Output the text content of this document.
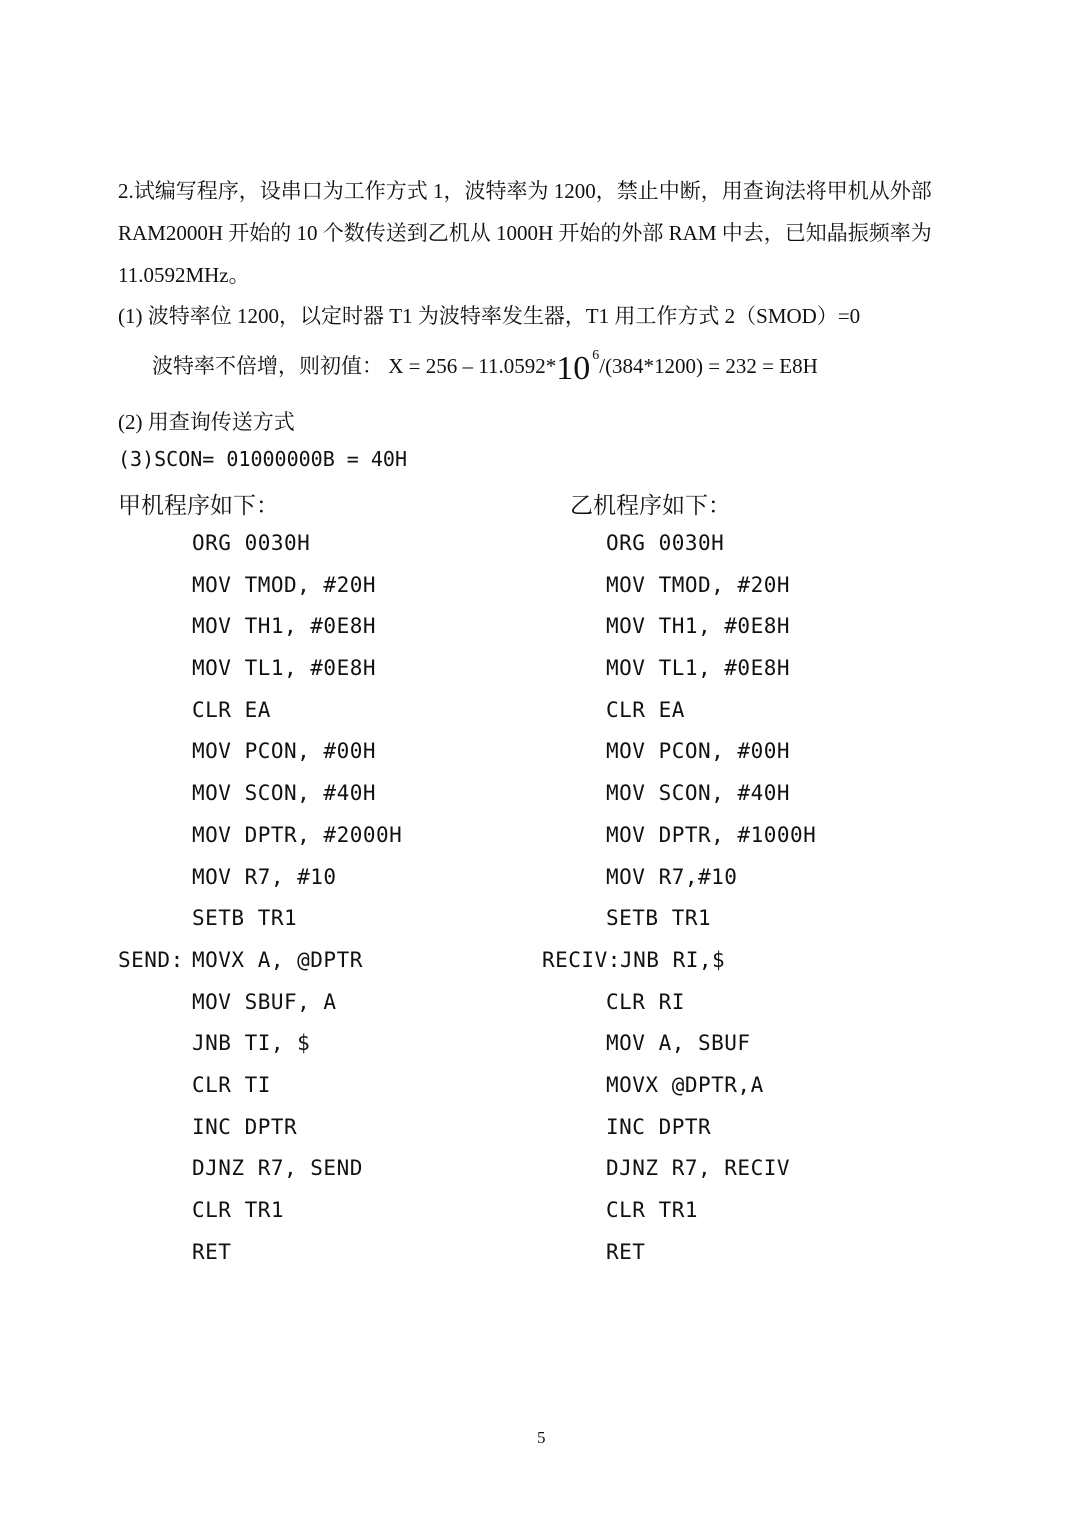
2.试编写程序，设串口为工作方式 1，波特率为 1200，禁止中断，用查询法将甲机从外部
RAM2000H 开始的 10 个数传送到乙机从 1000H 开始的外部 RAM 中去，已知晶振频率为
11.0592MHz。
(1) 波特率位 1200，以定时器 T1 为波特率发生器，T1 用工作方式 2（SMOD）=0
波特率不倍增，则初值： X = 256 – 11.0592*10 $^6$/(384*1200) = 232 = E8H
(2) 用查询传送方式
(3)SCON= 01000000B = 40H
甲机程序如下：	乙机程序如下：
SEND:
ORG 0030H
MOV TMOD, #20H
MOV TH1, #0E8H
MOV TL1, #0E8H
CLR EA
MOV PCON, #00H
MOV SCON, #40H
MOV DPTR, #2000H
MOV R7, #10
SETB TR1
MOVX A, @DPTR
MOV SBUF, A
JNB TI, $
CLR TI
INC DPTR
DJNZ R7, SEND
CLR TR1
RET
RECIV:
ORG 0030H
MOV TMOD, #20H
MOV TH1, #0E8H
MOV TL1, #0E8H
CLR EA
MOV PCON, #00H
MOV SCON, #40H
MOV DPTR, #1000H
MOV R7,#10
SETB TR1
JNB RI,$
CLR RI
MOV A, SBUF
MOVX @DPTR,A
INC DPTR
DJNZ R7, RECIV
CLR TR1
RET
5
